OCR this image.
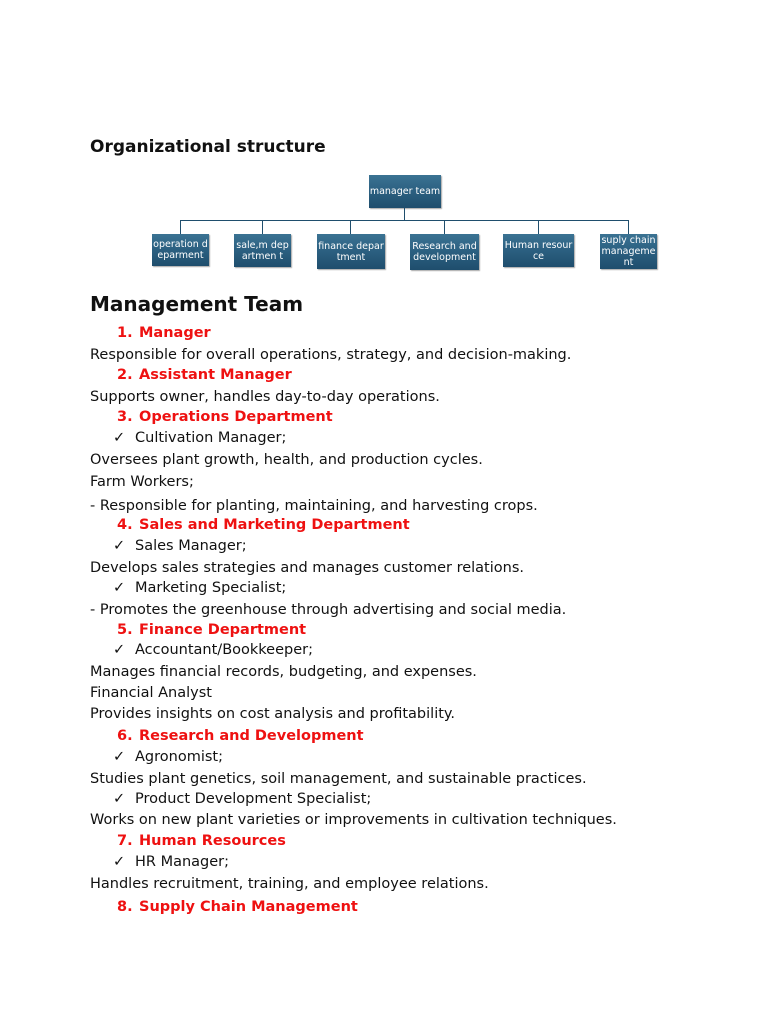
Organizational structure
manager team
operation deparment
sale,m departmen t
finance department
Research and development
Human resource
suply chain manageme nt
Management Team
1. Manager
Responsible for overall operations, strategy, and decision-making.
2. Assistant Manager
Supports owner, handles day-to-day operations.
3. Operations Department
✓ Cultivation Manager;
Oversees plant growth, health, and production cycles.
Farm Workers;
- Responsible for planting, maintaining, and harvesting crops.
4. Sales and Marketing Department
✓ Sales Manager;
Develops sales strategies and manages customer relations.
✓ Marketing Specialist;
- Promotes the greenhouse through advertising and social media.
5. Finance Department
✓ Accountant/Bookkeeper;
Manages financial records, budgeting, and expenses.
Financial Analyst
Provides insights on cost analysis and profitability.
6. Research and Development
✓ Agronomist;
Studies plant genetics, soil management, and sustainable practices.
✓ Product Development Specialist;
Works on new plant varieties or improvements in cultivation techniques.
7. Human Resources
✓ HR Manager;
Handles recruitment, training, and employee relations.
8. Supply Chain Management
